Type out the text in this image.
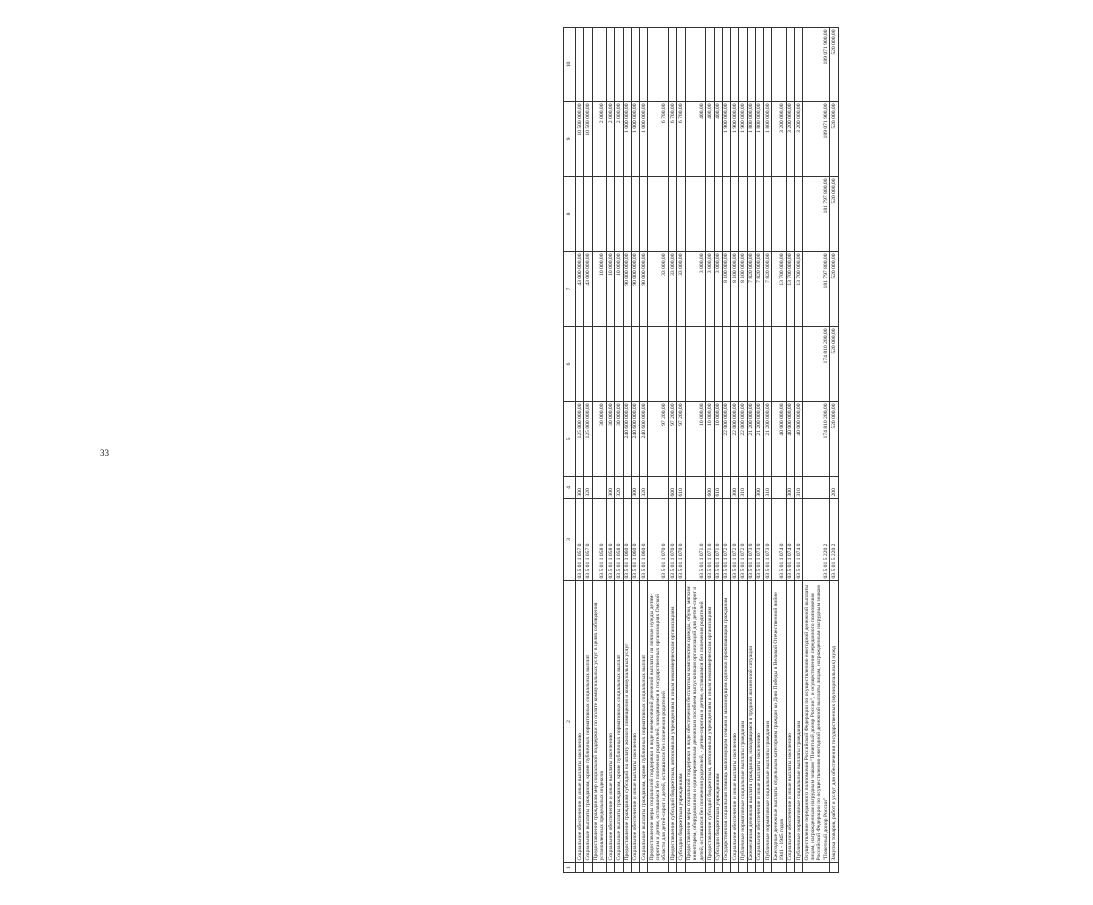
33
1	2	3	4	5	6	7	8	9	10
	Социальное обеспечение и иные выплаты населению	03 5 01 1 057 0	300	125 000 000,00		43 000 000,00		10 500 000,00	
	Социальные выплаты гражданам, кроме публичных нормативных социальных выплат	03 5 01 1 057 0	320	125 000 000,00		43 000 000,00		10 500 000,00	
	Предоставление гражданам мер социальной поддержки по оплате коммунальных услуг в целях соблюдения установленных предельных индексов	03 5 01 1 058 0		30 000,00		10 000,00		2 000,00	
	Социальное обеспечение и иные выплаты населению	03 5 01 1 058 0	300	30 000,00		10 000,00		2 000,00	
	Социальные выплаты гражданам, кроме публичных нормативных социальных выплат	03 5 01 1 058 0	320	30 000,00		10 000,00		2 000,00	
	Предоставление гражданам субсидий на оплату жилого помещения и коммунальных услуг	03 5 01 1 060 0		240 600 000,00		90 000 000,00		1 000 000,00	
	Социальное обеспечение и иные выплаты населению	03 5 01 1 060 0	300	240 600 000,00		90 000 000,00		1 000 000,00	
	Социальные выплаты гражданам, кроме публичных нормативных социальных выплат	03 5 01 1 060 0	320	240 600 000,00		90 000 000,00		1 000 000,00	
	Предоставление меры социальной поддержки в виде ежемесячной денежной выплаты на личные нужды детям-сиротам и детям, оставшимся без попечения родителей, находящимся в государственных организациях Омской области для детей-сирот и детей, оставшихся без попечения родителей	03 5 01 1 070 0		97 200,00		33 000,00		6 700,00	
	Предоставление субсидий бюджетным, автономным учреждениям и иным некоммерческим организациям	03 5 01 1 070 0	600	97 200,00		33 000,00		6 700,00	
	Субсидии бюджетным учреждениям	03 5 01 1 070 0	610	97 200,00		33 000,00		6 700,00	
	Предоставление меры социальной поддержки в виде обеспечения бесплатным комплектом одежды, обуви, мягким инвентарем, оборудованием и единовременным денежным пособием выпускникам организаций для детей-сирот и детей, оставшихся без попечения родителей, - детям-сиротам и детям, оставшимся без попечения родителей	03 5 01 1 071 0		10 000,00		3 000,00		400,00	
	Предоставление субсидий бюджетным, автономным учреждениям и иным некоммерческим организациям	03 5 01 1 071 0	600	10 000,00		3 000,00		400,00	
	Субсидии бюджетным учреждениям	03 5 01 1 071 0	610	10 000,00		3 000,00		400,00	
	Государственная социальная помощь малоимущим семьям и малоимущим одиноко проживающим гражданам	03 5 01 1 072 0		22 000 000,00		8 100 000,00		1 900 000,00	
	Социальное обеспечение и иные выплаты населению	03 5 01 1 072 0	300	22 000 000,00		8 100 000,00		1 900 000,00	
	Публичные нормативные социальные выплаты гражданам	03 5 01 1 072 0	310	22 000 000,00		8 100 000,00		1 900 000,00	
	Ежемесячная денежная выплата гражданам, находящимся в трудной жизненной ситуации	03 5 01 1 073 0		21 200 000,00		7 820 000,00		1 800 000,00	
	Социальное обеспечение и иные выплаты населению	03 5 01 1 073 0	300	21 200 000,00		7 820 000,00		1 800 000,00	
	Публичные нормативные социальные выплаты гражданам	03 5 01 1 073 0	310	21 200 000,00		7 820 000,00		1 800 000,00	
	Ежегодные денежные выплаты отдельным категориям граждан ко Дню Победы в Великой Отечественной войне 1941 - 1945 годов	03 5 01 1 074 0		40 000 000,00		13 700 000,00		3 200 000,00	
	Социальное обеспечение и иные выплаты населению	03 5 01 1 074 0	300	40 000 000,00		13 700 000,00		3 200 000,00	
	Публичные нормативные социальные выплаты гражданам	03 5 01 1 074 0	310	40 000 000,00		13 700 000,00		3 200 000,00	
	Осуществление переданного полномочия Российской Федерации по осуществлению ежегодной денежной выплаты лицам, награжденным нагрудным знаком "Почетный донор России", и осуществление переданного полномочия Российской Федерации по осуществлению ежегодной денежной выплаты лицам, награжденным нагрудным знаком "Почетный донор России"	03 5 01 5 220 2		174 810 200,00	174 810 200,00	181 797 800,00	181 797 800,00	189 071 900,00	189 071 900,00
	Закупка товаров, работ и услуг для обеспечения государственных (муниципальных) нужд	03 5 01 5 220 2	200	520 000,00	520 000,00	520 000,00	520 000,00	520 000,00	520 000,00
